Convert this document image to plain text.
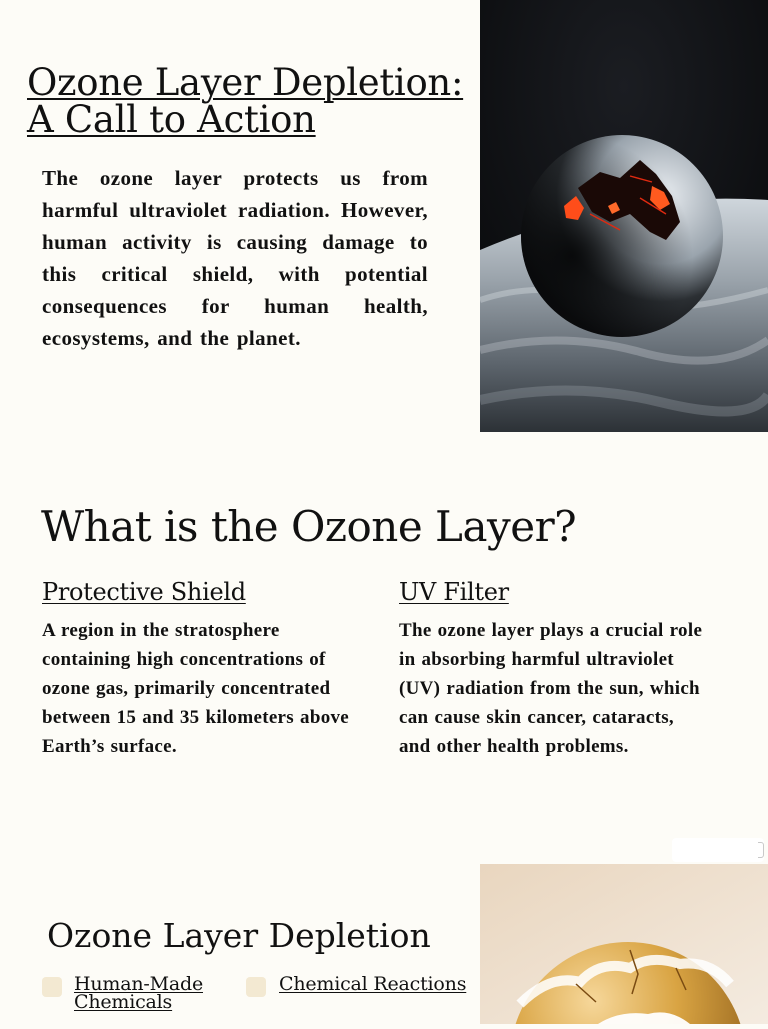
Ozone Layer Depletion: A Call to Action

The ozone layer protects us from harmful ultraviolet radiation. However, human activity is causing damage to this critical shield, with potential consequences for human health, ecosystems, and the planet.

What is the Ozone Layer?
Protective Shield

A region in the stratosphere containing high concentrations of ozone gas, primarily concentrated between 15 and 35 kilometers above Earth’s surface.

UV Filter

The ozone layer plays a crucial role in absorbing harmful ultraviolet (UV) radiation from the sun, which can cause skin cancer, cataracts, and other health problems.

Ozone Layer Depletion
Human-Made Chemicals
Chemical Reactions
